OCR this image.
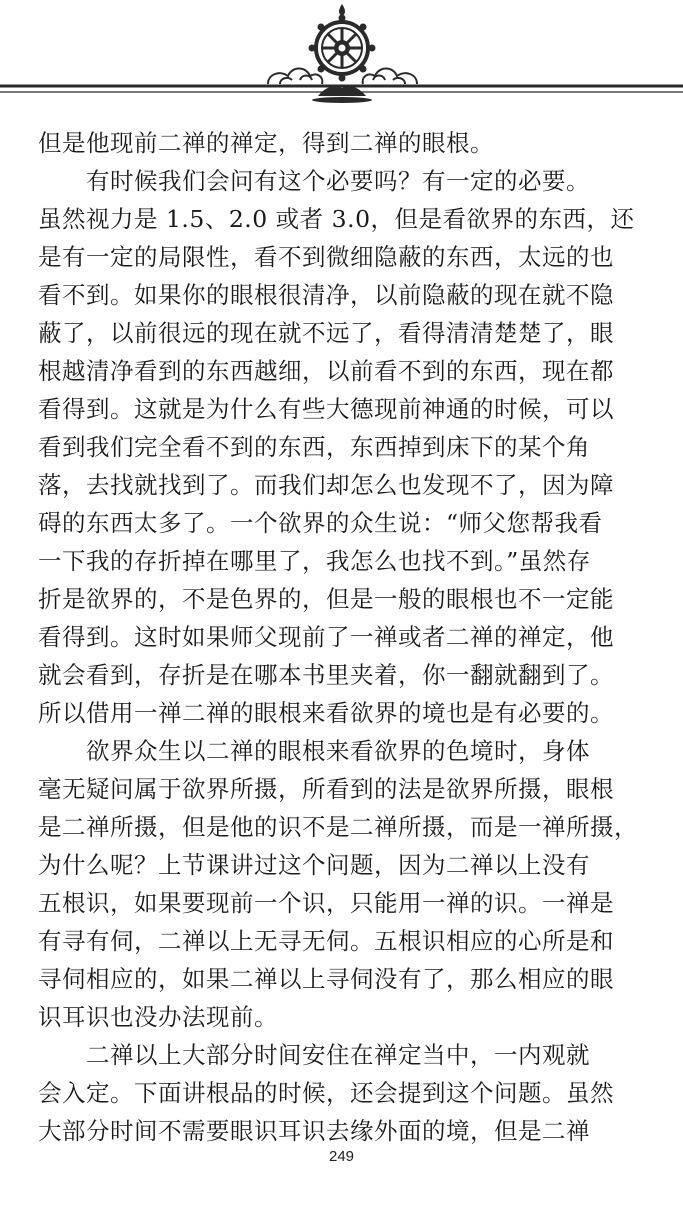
但是他现前二禅的禅定，得到二禅的眼根。
　　有时候我们会问有这个必要吗？有一定的必要。
虽然视力是 1.5、2.0 或者 3.0，但是看欲界的东西，还
是有一定的局限性，看不到微细隐蔽的东西，太远的也
看不到。如果你的眼根很清净，以前隐蔽的现在就不隐
蔽了，以前很远的现在就不远了，看得清清楚楚了，眼
根越清净看到的东西越细，以前看不到的东西，现在都
看得到。这就是为什么有些大德现前神通的时候，可以
看到我们完全看不到的东西，东西掉到床下的某个角
落，去找就找到了。而我们却怎么也发现不了，因为障
碍的东西太多了。一个欲界的众生说：“师父您帮我看
一下我的存折掉在哪里了，我怎么也找不到。”虽然存
折是欲界的，不是色界的，但是一般的眼根也不一定能
看得到。这时如果师父现前了一禅或者二禅的禅定，他
就会看到，存折是在哪本书里夹着，你一翻就翻到了。
所以借用一禅二禅的眼根来看欲界的境也是有必要的。
　　欲界众生以二禅的眼根来看欲界的色境时，身体
毫无疑问属于欲界所摄，所看到的法是欲界所摄，眼根
是二禅所摄，但是他的识不是二禅所摄，而是一禅所摄，
为什么呢？上节课讲过这个问题，因为二禅以上没有
五根识，如果要现前一个识，只能用一禅的识。一禅是
有寻有伺，二禅以上无寻无伺。五根识相应的心所是和
寻伺相应的，如果二禅以上寻伺没有了，那么相应的眼
识耳识也没办法现前。
　　二禅以上大部分时间安住在禅定当中，一内观就
会入定。下面讲根品的时候，还会提到这个问题。虽然
大部分时间不需要眼识耳识去缘外面的境，但是二禅
249
